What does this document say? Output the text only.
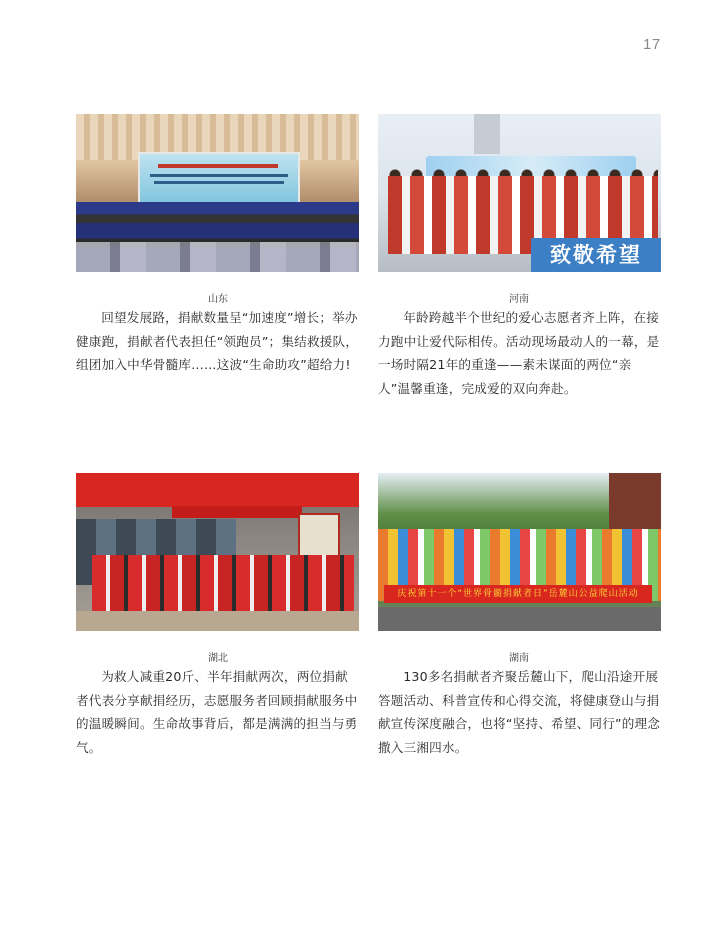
17
山东
回望发展路，捐献数量呈“加速度”增长；举办健康跑，捐献者代表担任“领跑员”；集结救援队，组团加入中华骨髓库……这波“生命助攻”超给力!
致敬希望
河南
年龄跨越半个世纪的爱心志愿者齐上阵，在接力跑中让爱代际相传。活动现场最动人的一幕，是一场时隔21年的重逢——素未谋面的两位“亲人”温馨重逢，完成爱的双向奔赴。
湖北
为救人减重20斤、半年捐献两次，两位捐献者代表分享献捐经历，志愿服务者回顾捐献服务中的温暖瞬间。生命故事背后，都是满满的担当与勇气。
庆祝第十一个“世界骨髓捐献者日”岳麓山公益爬山活动
湖南
130多名捐献者齐聚岳麓山下，爬山沿途开展答题活动、科普宣传和心得交流，将健康登山与捐献宣传深度融合，也将“坚持、希望、同行”的理念撒入三湘四水。
